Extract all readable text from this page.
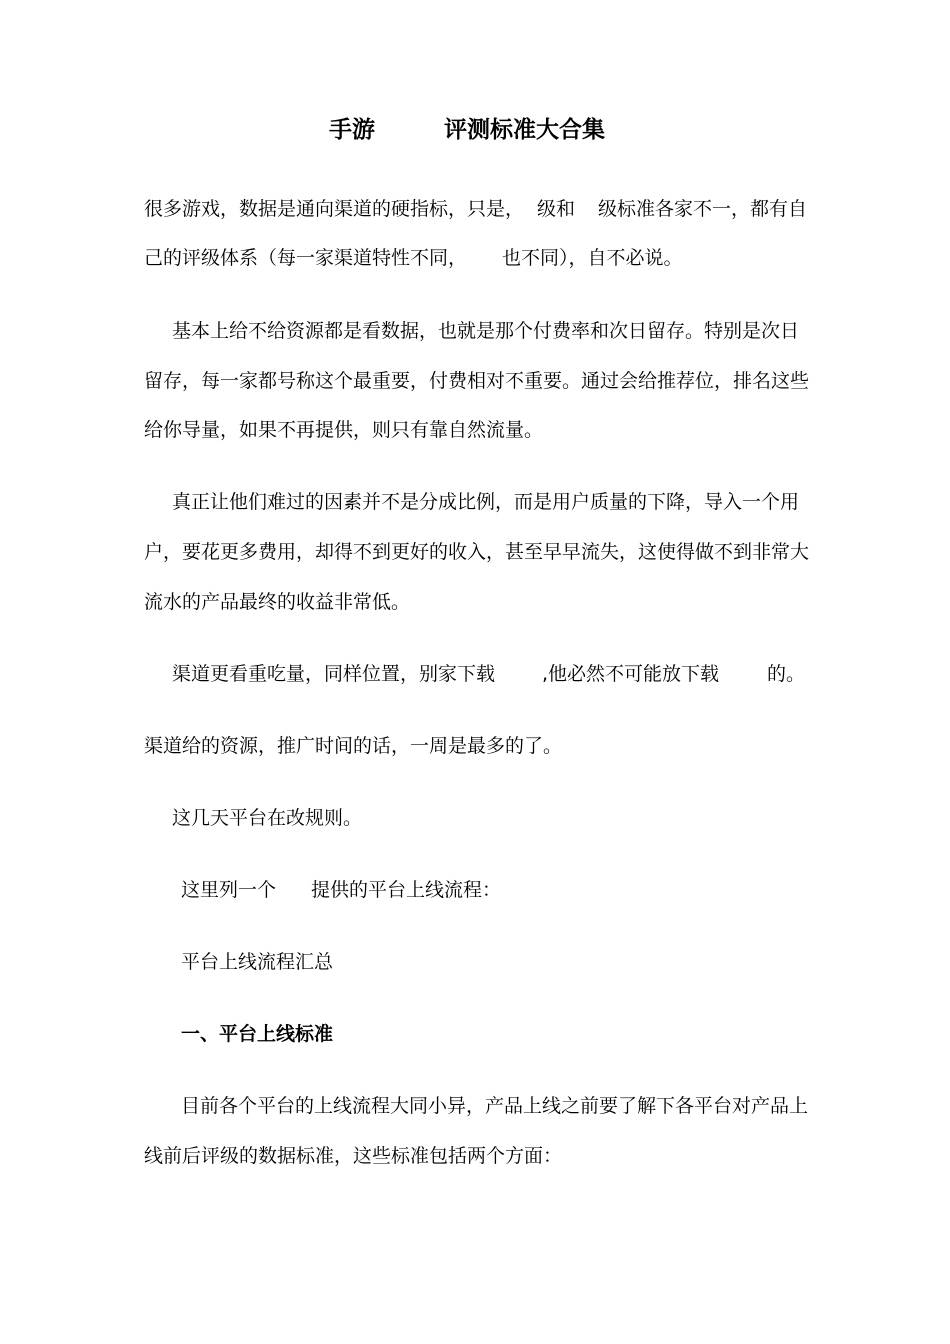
手游	评测标准大合集
很多游戏，数据是通向渠道的硬指标，只是， 级和 级标准各家不一，都有自
己的评级体系（每一家渠道特性不同， 也不同），自不必说。
基本上给不给资源都是看数据，也就是那个付费率和次日留存。特别是次日
留存，每一家都号称这个最重要，付费相对不重要。通过会给推荐位，排名这些
给你导量，如果不再提供，则只有靠自然流量。
真正让他们难过的因素并不是分成比例，而是用户质量的下降，导入一个用
户，要花更多费用，却得不到更好的收入，甚至早早流失，这使得做不到非常大
流水的产品最终的收益非常低。
渠道更看重吃量，同样位置，别家下载 ,他必然不可能放下载	的。
渠道给的资源，推广时间的话，一周是最多的了。
这几天平台在改规则。
这里列一个 提供的平台上线流程：
平台上线流程汇总
一、平台上线标准
目前各个平台的上线流程大同小异，产品上线之前要了解下各平台对产品上
线前后评级的数据标准，这些标准包括两个方面：
